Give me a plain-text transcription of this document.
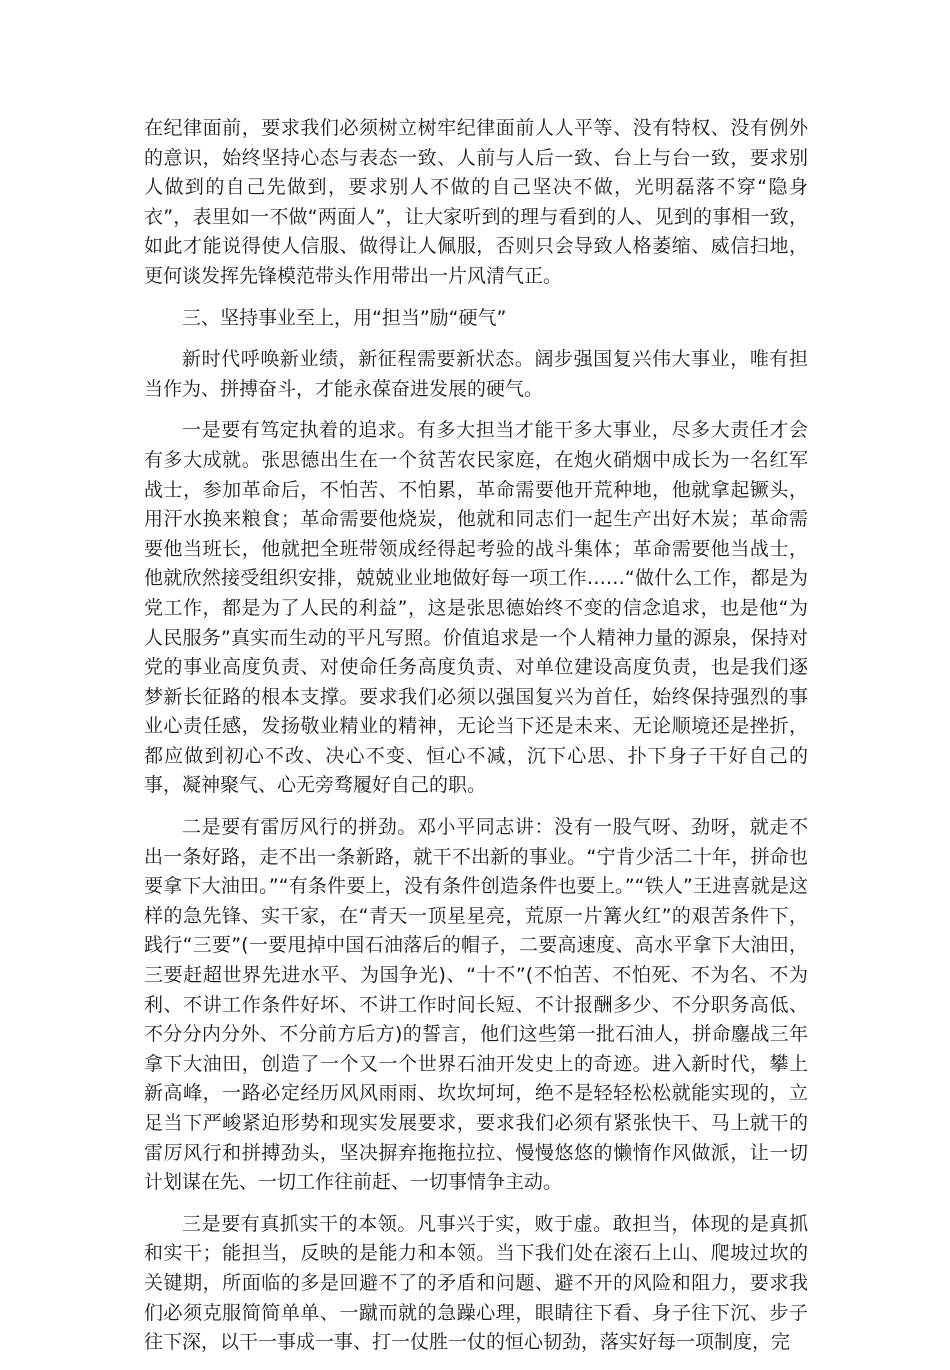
在纪律面前，要求我们必须树立树牢纪律面前人人平等、没有特权、没有例外的意识，始终坚持心态与表态一致、人前与人后一致、台上与台一致，要求别人做到的自己先做到，要求别人不做的自己坚决不做，光明磊落不穿“隐身衣”，表里如一不做“两面人”，让大家听到的理与看到的人、见到的事相一致，如此才能说得使人信服、做得让人佩服，否则只会导致人格萎缩、威信扫地，更何谈发挥先锋模范带头作用带出一片风清气正。

三、坚持事业至上，用“担当”励“硬气”

新时代呼唤新业绩，新征程需要新状态。阔步强国复兴伟大事业，唯有担当作为、拼搏奋斗，才能永葆奋进发展的硬气。

一是要有笃定执着的追求。有多大担当才能干多大事业，尽多大责任才会有多大成就。张思德出生在一个贫苦农民家庭，在炮火硝烟中成长为一名红军战士，参加革命后，不怕苦、不怕累，革命需要他开荒种地，他就拿起镢头，用汗水换来粮食；革命需要他烧炭，他就和同志们一起生产出好木炭；革命需要他当班长，他就把全班带领成经得起考验的战斗集体；革命需要他当战士，他就欣然接受组织安排，兢兢业业地做好每一项工作……“做什么工作，都是为党工作，都是为了人民的利益”，这是张思德始终不变的信念追求，也是他“为人民服务”真实而生动的平凡写照。价值追求是一个人精神力量的源泉，保持对党的事业高度负责、对使命任务高度负责、对单位建设高度负责，也是我们逐梦新长征路的根本支撑。要求我们必须以强国复兴为首任，始终保持强烈的事业心责任感，发扬敬业精业的精神，无论当下还是未来、无论顺境还是挫折，都应做到初心不改、决心不变、恒心不减，沉下心思、扑下身子干好自己的事，凝神聚气、心无旁骛履好自己的职。

二是要有雷厉风行的拼劲。邓小平同志讲：没有一股气呀、劲呀，就走不出一条好路，走不出一条新路，就干不出新的事业。“宁肯少活二十年，拼命也要拿下大油田。”“有条件要上，没有条件创造条件也要上。”“铁人”王进喜就是这样的急先锋、实干家，在“青天一顶星星亮，荒原一片篝火红”的艰苦条件下，践行“三要”(一要甩掉中国石油落后的帽子，二要高速度、高水平拿下大油田，三要赶超世界先进水平、为国争光)、“十不”(不怕苦、不怕死、不为名、不为利、不讲工作条件好坏、不讲工作时间长短、不计报酬多少、不分职务高低、不分分内分外、不分前方后方)的誓言，他们这些第一批石油人，拼命鏖战三年拿下大油田，创造了一个又一个世界石油开发史上的奇迹。进入新时代，攀上新高峰，一路必定经历风风雨雨、坎坎坷坷，绝不是轻轻松松就能实现的，立足当下严峻紧迫形势和现实发展要求，要求我们必须有紧张快干、马上就干的雷厉风行和拼搏劲头，坚决摒弃拖拖拉拉、慢慢悠悠的懒惰作风做派，让一切计划谋在先、一切工作往前赶、一切事情争主动。

三是要有真抓实干的本领。凡事兴于实，败于虚。敢担当，体现的是真抓和实干；能担当，反映的是能力和本领。当下我们处在滚石上山、爬坡过坎的关键期，所面临的多是回避不了的矛盾和问题、避不开的风险和阻力，要求我们必须克服简简单单、一蹴而就的急躁心理，眼睛往下看、身子往下沉、步子往下深，以干一事成一事、打一仗胜一仗的恒心韧劲，落实好每一项制度，完
